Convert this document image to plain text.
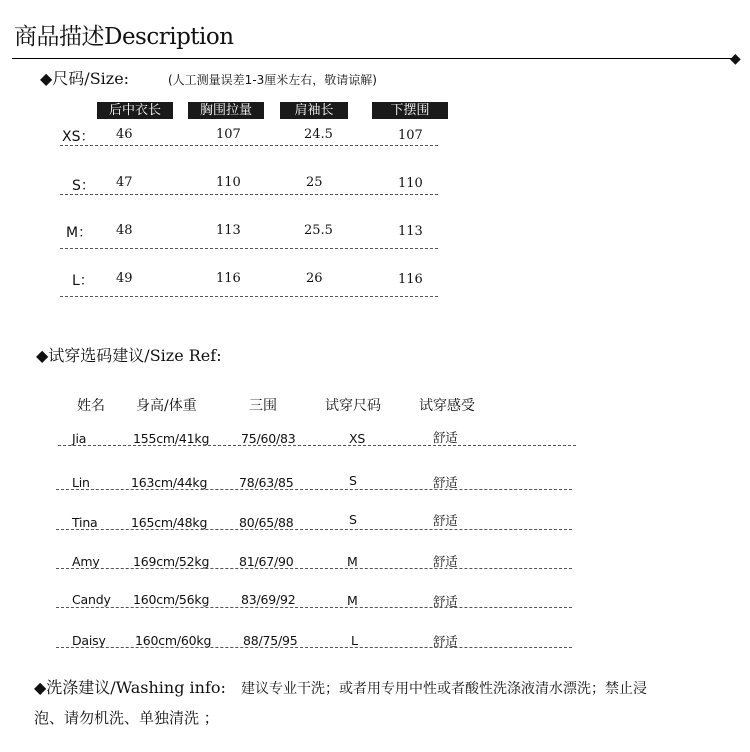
商品描述Description
◆
◆尺码/Size:	(人工测量误差1-3厘米左右，敬请谅解)
后中衣长	胸围拉量	肩袖长	下摆围
XS： 46	107	24.5	107
S： 47	110	25	110
M： 48	113	25.5	113
L： 49	116	26	116
◆试穿选码建议/Size Ref:
姓名 身高/体重	三围	试穿尺码	试穿感受
Jia	155cm/41kg	75/60/83	XS	舒适
Lin	163cm/44kg	78/63/85	S	舒适
Tina	165cm/48kg	80/65/88	S	舒适
Amy	169cm/52kg 81/67/90	M	舒适
Candy 160cm/56kg	83/69/92	M	舒适
Daisy 160cm/60kg	88/75/95	L	舒适
◆洗涤建议/Washing info: 建议专业干洗；或者用专用中性或者酸性洗涤液清水漂洗；禁止浸
泡、请勿机洗、单独清洗 ；
